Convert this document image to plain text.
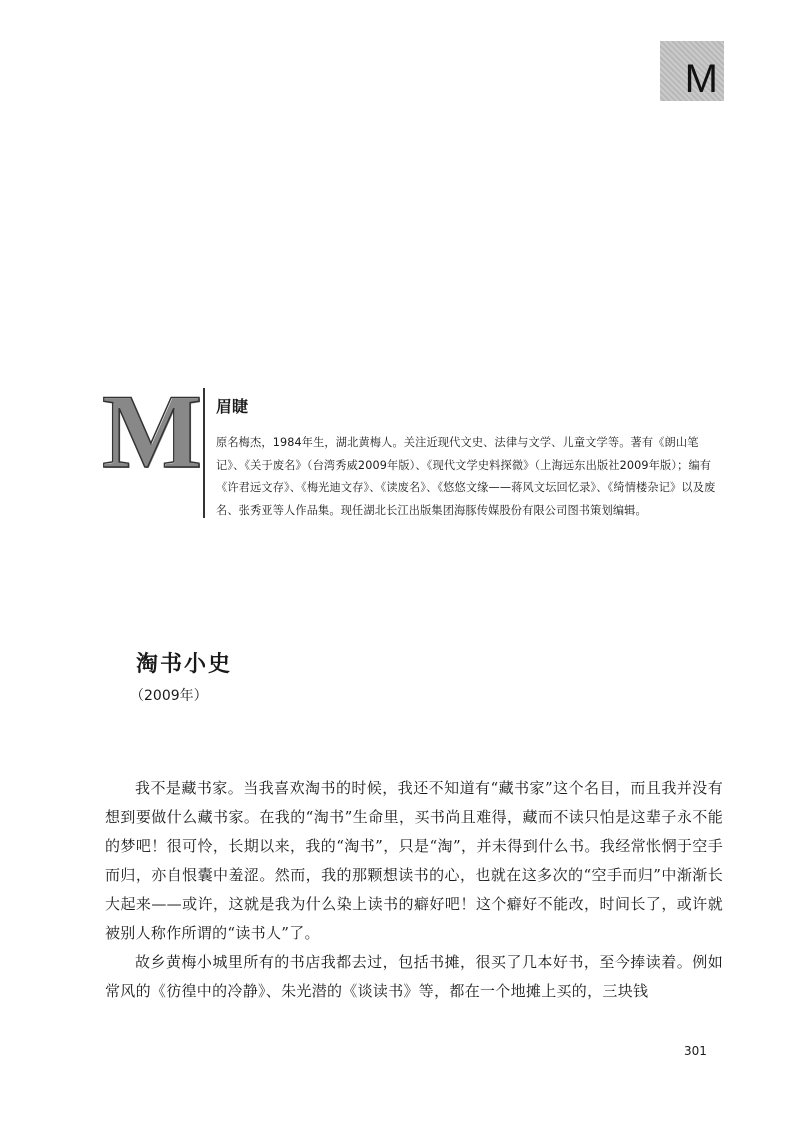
M
M 眉睫

原名梅杰，1984年生，湖北黄梅人。关注近现代文史、法律与文学、儿童文学等。著有《朗山笔记》、《关于废名》（台湾秀威2009年版）、《现代文学史料探微》（上海远东出版社2009年版）；编有《许君远文存》、《梅光迪文存》、《读废名》、《悠悠文缘——蒋风文坛回忆录》、《绮情楼杂记》以及废名、张秀亚等人作品集。现任湖北长江出版集团海豚传媒股份有限公司图书策划编辑。

淘书小史
（2009年）

我不是藏书家。当我喜欢淘书的时候，我还不知道有“藏书家”这个名目，而且我并没有想到要做什么藏书家。在我的“淘书”生命里，买书尚且难得，藏而不读只怕是这辈子永不能的梦吧！很可怜，长期以来，我的“淘书”，只是“淘”，并未得到什么书。我经常怅惘于空手而归，亦自恨囊中羞涩。然而，我的那颗想读书的心，也就在这多次的“空手而归”中渐渐长大起来——或许，这就是我为什么染上读书的癖好吧！这个癖好不能改，时间长了，或许就被别人称作所谓的“读书人”了。

故乡黄梅小城里所有的书店我都去过，包括书摊，很买了几本好书，至今捧读着。例如常风的《彷徨中的冷静》、朱光潜的《谈读书》等，都在一个地摊上买的，三块钱

301
